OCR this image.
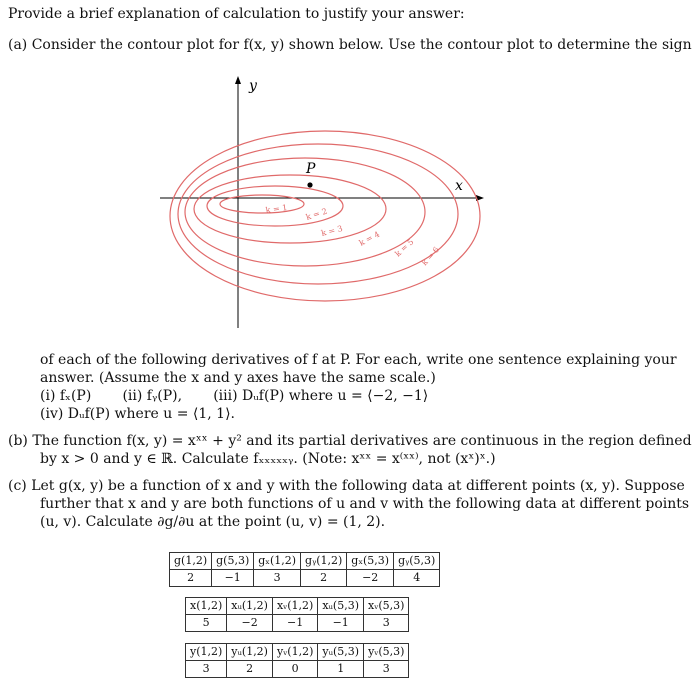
Provide a brief explanation of calculation to justify your answer:
(a) Consider the contour plot for f(x, y) shown below. Use the contour plot to determine the sign
y
x
k = 1 k = 2
k = 3 k = 4 k = 5 k = 6
P
of each of the following derivatives of f at P. For each, write one sentence explaining your
answer. (Assume the x and y axes have the same scale.)
(i) fₓ(P)       (ii) fᵧ(P),       (iii) Dᵤf(P) where u = ⟨−2, −1⟩
(iv) Dᵤf(P) where u = ⟨1, 1⟩.
(b) The function f(x, y) = xˣˣ + y² and its partial derivatives are continuous in the region defined
by x > 0 and y ∈ ℝ. Calculate fₓₓₓₓₓᵧ. (Note: xˣˣ = x⁽ˣˣ⁾, not (xˣ)ˣ.)
(c) Let g(x, y) be a function of x and y with the following data at different points (x, y). Suppose
further that x and y are both functions of u and v with the following data at different points
(u, v). Calculate ∂g/∂u at the point (u, v) = (1, 2).
g(1,2)	g(5,3)	gₓ(1,2)	gᵧ(1,2)	gₓ(5,3)	gᵧ(5,3)
2	−1	3	2	−2	4
x(1,2)	xᵤ(1,2)	xᵥ(1,2)	xᵤ(5,3)	xᵥ(5,3)
5	−2	−1	−1	3
y(1,2)	yᵤ(1,2)	yᵥ(1,2)	yᵤ(5,3)	yᵥ(5,3)
3	2	0	1	3
